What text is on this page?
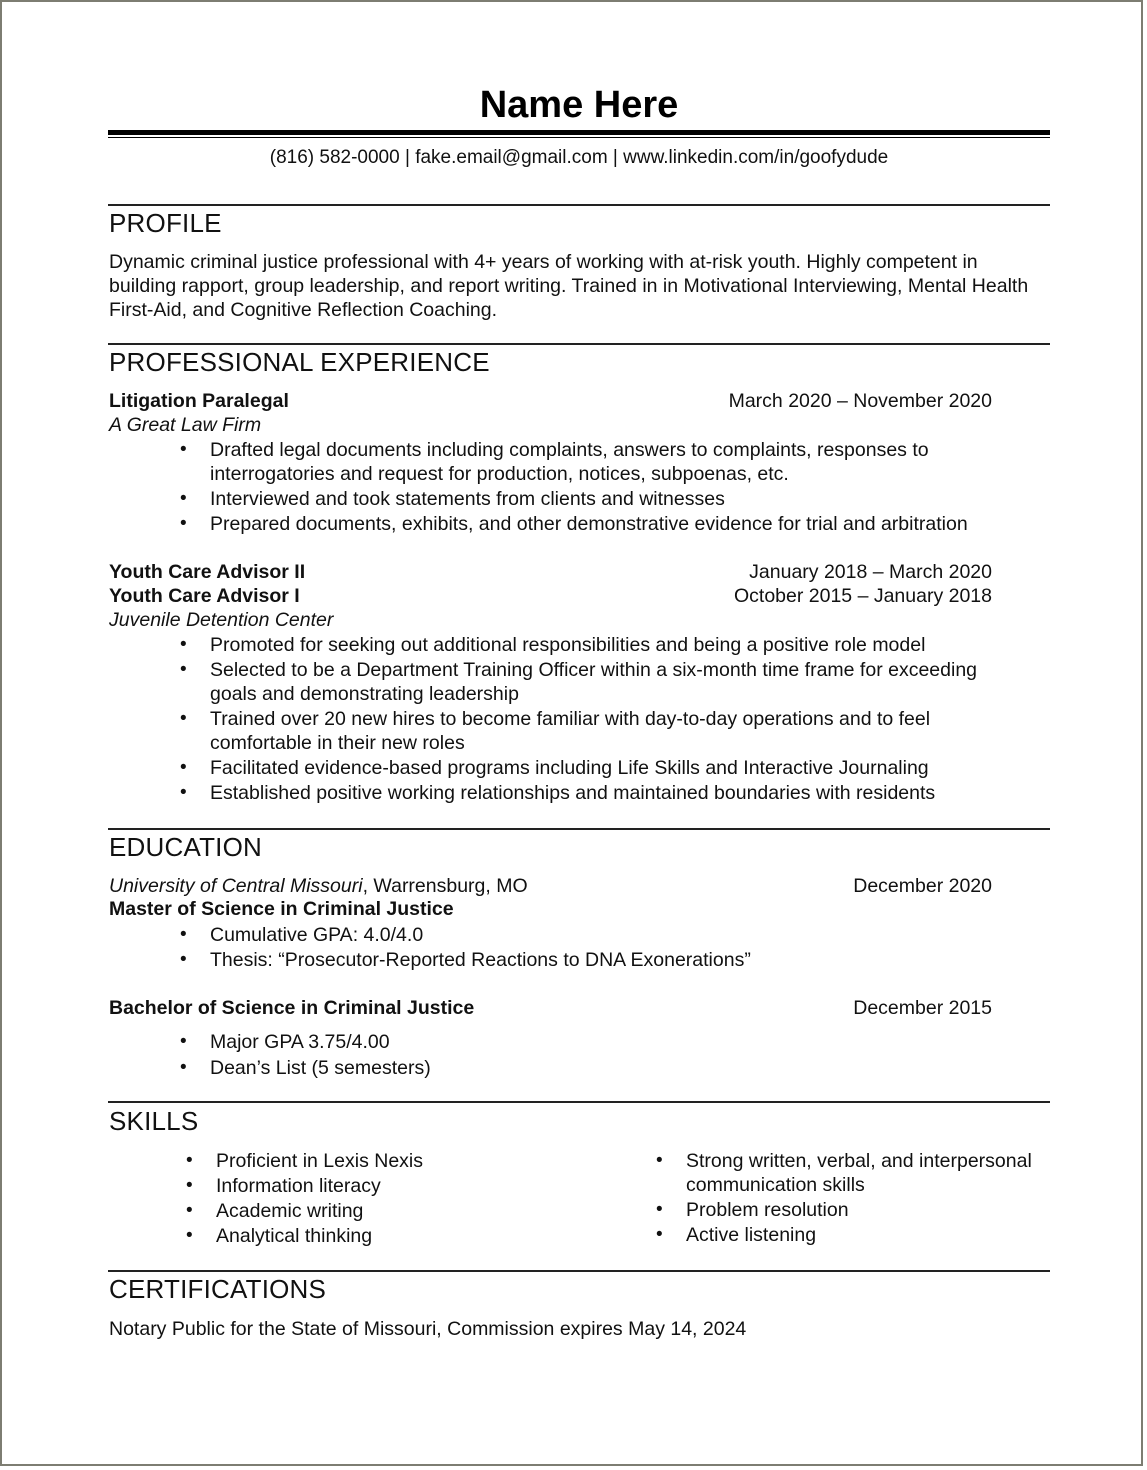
Name Here
(816) 582-0000 | fake.email@gmail.com | www.linkedin.com/in/goofydude
PROFILE
Dynamic criminal justice professional with 4+ years of working with at-risk youth. Highly competent in building rapport, group leadership, and report writing. Trained in in Motivational Interviewing, Mental Health First-Aid, and Cognitive Reflection Coaching.
PROFESSIONAL EXPERIENCE
Litigation Paralegal	March 2020 – November 2020
A Great Law Firm
• Drafted legal documents including complaints, answers to complaints, responses to interrogatories and request for production, notices, subpoenas, etc.
• Interviewed and took statements from clients and witnesses
• Prepared documents, exhibits, and other demonstrative evidence for trial and arbitration
Youth Care Advisor II	January 2018 – March 2020
Youth Care Advisor I	October 2015 – January 2018
Juvenile Detention Center
• Promoted for seeking out additional responsibilities and being a positive role model
• Selected to be a Department Training Officer within a six-month time frame for exceeding goals and demonstrating leadership
• Trained over 20 new hires to become familiar with day-to-day operations and to feel comfortable in their new roles
• Facilitated evidence-based programs including Life Skills and Interactive Journaling
• Established positive working relationships and maintained boundaries with residents
EDUCATION
University of Central Missouri, Warrensburg, MO	December 2020
Master of Science in Criminal Justice
• Cumulative GPA: 4.0/4.0
• Thesis: “Prosecutor-Reported Reactions to DNA Exonerations”
Bachelor of Science in Criminal Justice	December 2015
• Major GPA 3.75/4.00
• Dean’s List (5 semesters)
SKILLS
• Proficient in Lexis Nexis
• Information literacy
• Academic writing
• Analytical thinking
• Strong written, verbal, and interpersonal communication skills
• Problem resolution
• Active listening
CERTIFICATIONS
Notary Public for the State of Missouri, Commission expires May 14, 2024
